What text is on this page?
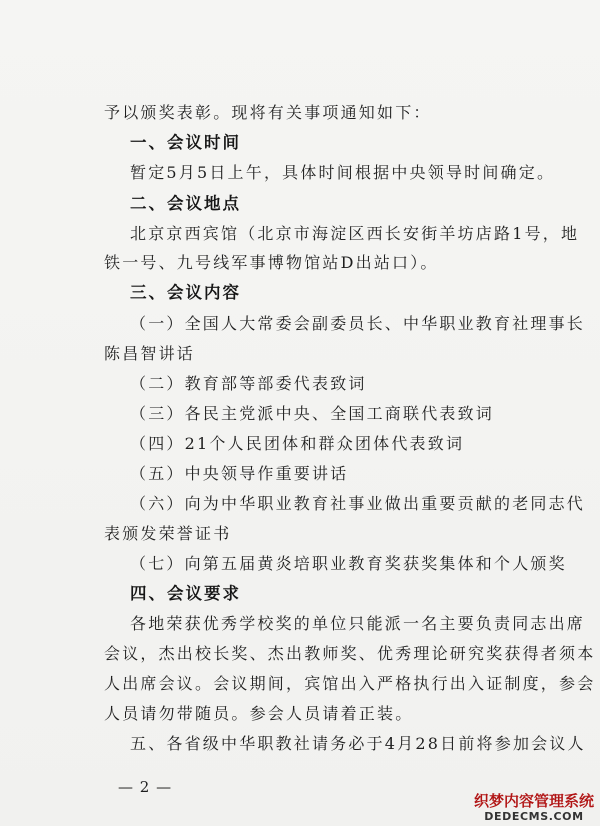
予以颁奖表彰。现将有关事项通知如下：
一、会议时间
暂定5月5日上午，具体时间根据中央领导时间确定。
二、会议地点
北京京西宾馆（北京市海淀区西长安街羊坊店路1号，地
铁一号、九号线军事博物馆站D出站口）。
三、会议内容
（一）全国人大常委会副委员长、中华职业教育社理事长
陈昌智讲话
（二）教育部等部委代表致词
（三）各民主党派中央、全国工商联代表致词
（四）21个人民团体和群众团体代表致词
（五）中央领导作重要讲话
（六）向为中华职业教育社事业做出重要贡献的老同志代
表颁发荣誉证书
（七）向第五届黄炎培职业教育奖获奖集体和个人颁奖
四、会议要求
各地荣获优秀学校奖的单位只能派一名主要负责同志出席
会议，杰出校长奖、杰出教师奖、优秀理论研究奖获得者须本
人出席会议。会议期间，宾馆出入严格执行出入证制度，参会
人员请勿带随员。参会人员请着正装。
五、各省级中华职教社请务必于4月28日前将参加会议人
— 2 —
织梦内容管理系统
DEDECMS.COM
